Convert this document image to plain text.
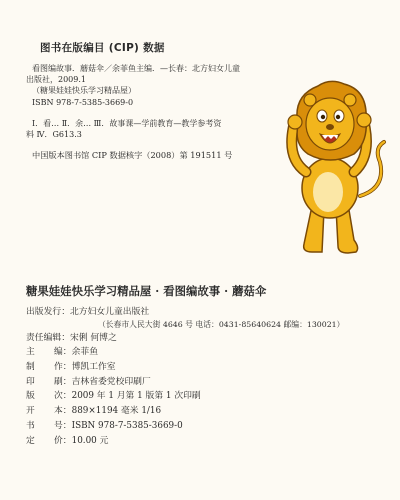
图书在版编目 (CIP) 数据
看图编故事．蘑菇伞／余菲鱼主编．—长春：北方妇女儿童
出版社，2009.1
（糖果娃娃快乐学习精品屋）
ISBN 978-7-5385-3669-0
Ⅰ．看… Ⅱ．余… Ⅲ．故事课—学前教育—教学参考资
料 Ⅳ．G613.3
中国版本图书馆 CIP 数据核字（2008）第 191511 号
糖果娃娃快乐学习精品屋 · 看图编故事 · 蘑菇伞
出版发行：北方妇女儿童出版社
（长春市人民大街 4646 号 电话：0431-85640624 邮编：130021）
责任编辑：宋俐 何博之
主	编：余菲鱼
制	作：博凯工作室
印	刷：吉林省委党校印刷厂
版	次：2009 年 1 月第 1 版第 1 次印刷
开	本：889×1194 毫米 1/16
书	号：ISBN 978-7-5385-3669-0
定	价：10.00 元
